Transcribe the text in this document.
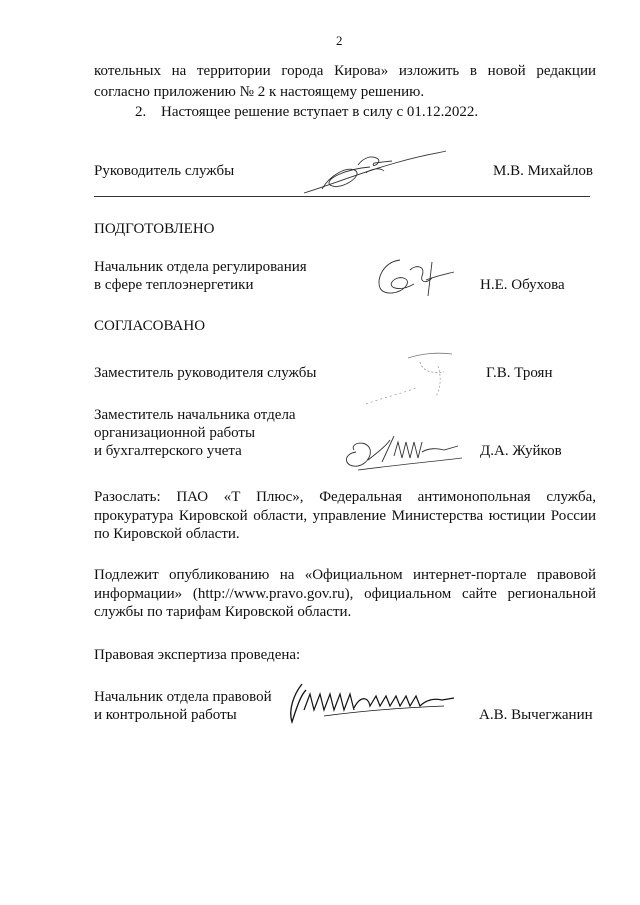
2
котельных на территории города Кирова» изложить в новой редакции
согласно приложению № 2 к настоящему решению.
2. Настоящее решение вступает в силу с 01.12.2022.
Руководитель службы	М.В. Михайлов
ПОДГОТОВЛЕНО
Начальник отдела регулирования
в сфере теплоэнергетики	Н.Е. Обухова
СОГЛАСОВАНО
Заместитель руководителя службы	Г.В. Троян
Заместитель начальника отдела
организационной работы
и бухгалтерского учета	Д.А. Жуйков
Разослать: ПАО «Т Плюс», Федеральная антимонопольная служба,
прокуратура Кировской области, управление Министерства юстиции России
по Кировской области.
Подлежит опубликованию на «Официальном интернет-портале правовой
информации» (http://www.pravo.gov.ru), официальном сайте региональной
службы по тарифам Кировской области.
Правовая экспертиза проведена:
Начальник отдела правовой
и контрольной работы	А.В. Вычегжанин
